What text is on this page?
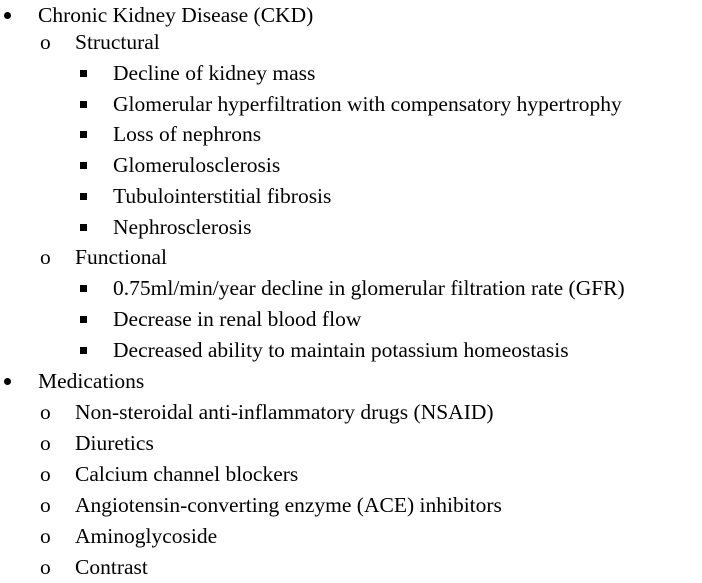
Chronic Kidney Disease (CKD)
o Structural
Decline of kidney mass
Glomerular hyperfiltration with compensatory hypertrophy
Loss of nephrons
Glomerulosclerosis
Tubulointerstitial fibrosis
Nephrosclerosis
o Functional
0.75ml/min/year decline in glomerular filtration rate (GFR)
Decrease in renal blood flow
Decreased ability to maintain potassium homeostasis
Medications
o Non-steroidal anti-inflammatory drugs (NSAID)
o Diuretics
o Calcium channel blockers
o Angiotensin-converting enzyme (ACE) inhibitors
o Aminoglycoside
o Contrast
